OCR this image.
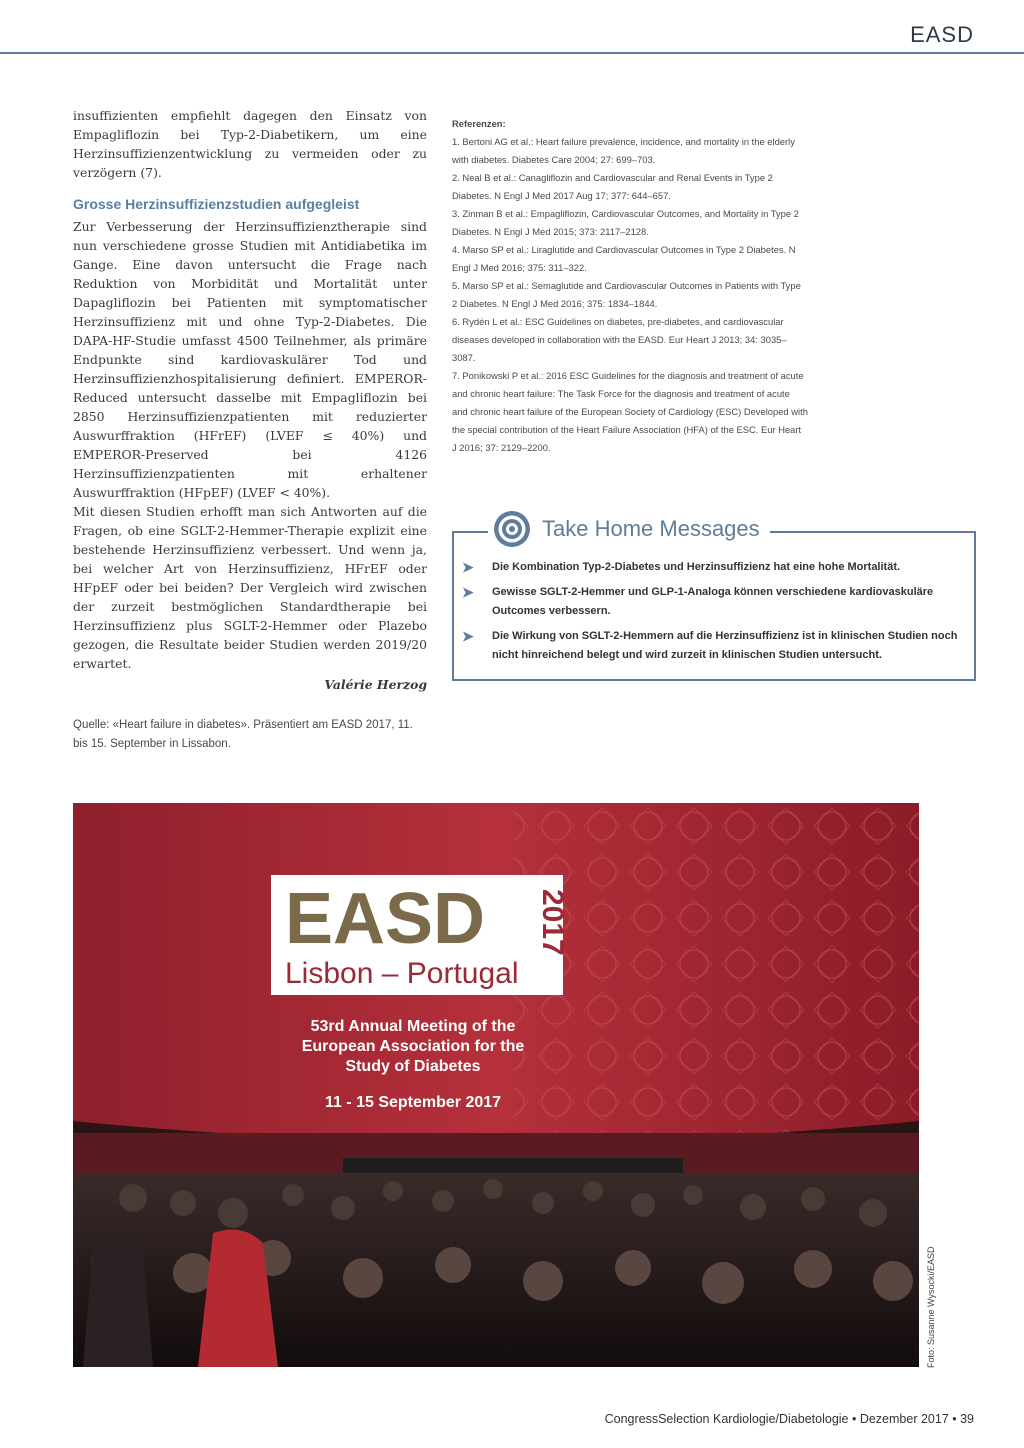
EASD

insuffizienten empfiehlt dagegen den Einsatz von Empagliflozin bei Typ-2-Diabetikern, um eine Herzinsuffizienzentwicklung zu vermeiden oder zu verzögern (7).

Grosse Herzinsuffizienzstudien aufgegleist

Zur Verbesserung der Herzinsuffizienztherapie sind nun verschiedene grosse Studien mit Antidiabetika im Gange. Eine davon untersucht die Frage nach Reduktion von Morbidität und Mortalität unter Dapagliflozin bei Patienten mit symptomatischer Herzinsuffizienz mit und ohne Typ-2-Diabetes. Die DAPA-HF-Studie umfasst 4500 Teilnehmer, als primäre Endpunkte sind kardiovaskulärer Tod und Herzinsuffizienzhospitalisierung definiert. EMPEROR-Reduced untersucht dasselbe mit Empagliflozin bei 2850 Herzinsuffizienzpatienten mit reduzierter Auswurffraktion (HFrEF) (LVEF ≤ 40%) und EMPEROR-Preserved bei 4126 Herzinsuffizienzpatienten mit erhaltener Auswurffraktion (HFpEF) (LVEF < 40%).

Mit diesen Studien erhofft man sich Antworten auf die Fragen, ob eine SGLT-2-Hemmer-Therapie explizit eine bestehende Herzinsuffizienz verbessert. Und wenn ja, bei welcher Art von Herzinsuffizienz, HFrEF oder HFpEF oder bei beiden? Der Vergleich wird zwischen der zurzeit bestmöglichen Standardtherapie bei Herzinsuffizienz plus SGLT-2-Hemmer oder Plazebo gezogen, die Resultate beider Studien werden 2019/20 erwartet.

Valérie Herzog
Quelle: «Heart failure in diabetes». Präsentiert am EASD 2017, 11. bis 15. September in Lissabon.
Referenzen:
1. Bertoni AG et al.: Heart failure prevalence, incidence, and mortality in the elderly with diabetes. Diabetes Care 2004; 27: 699–703.
2. Neal B et al.: Canagliflozin and Cardiovascular and Renal Events in Type 2 Diabetes. N Engl J Med 2017 Aug 17; 377: 644–657.
3. Zinman B et al.: Empagliflozin, Cardiovascular Outcomes, and Mortality in Type 2 Diabetes. N Engl J Med 2015; 373: 2117–2128.
4. Marso SP et al.: Liraglutide and Cardiovascular Outcomes in Type 2 Diabetes. N Engl J Med 2016; 375: 311–322.
5. Marso SP et al.: Semaglutide and Cardiovascular Outcomes in Patients with Type 2 Diabetes. N Engl J Med 2016; 375: 1834–1844.
6. Rydén L et al.: ESC Guidelines on diabetes, pre-diabetes, and cardiovascular diseases developed in collaboration with the EASD. Eur Heart J 2013; 34: 3035–3087.
7. Ponikowski P et al.: 2016 ESC Guidelines for the diagnosis and treatment of acute and chronic heart failure: The Task Force for the diagnosis and treatment of acute and chronic heart failure of the European Society of Cardiology (ESC) Developed with the special contribution of the Heart Failure Association (HFA) of the ESC. Eur Heart J 2016; 37: 2129–2200.
Take Home Messages
➤	Die Kombination Typ-2-Diabetes und Herzinsuffizienz hat eine hohe Mortalität.
➤	Gewisse SGLT-2-Hemmer und GLP-1-Analoga können verschiedene kardiovaskuläre Outcomes verbessern.
➤	Die Wirkung von SGLT-2-Hemmern auf die Herzinsuffizienz ist in klinischen Studien noch nicht hinreichend belegt und wird zurzeit in klinischen Studien untersucht.
EASD
Lisbon – Portugal
2017
53rd Annual Meeting of the
European Association for the
Study of Diabetes
11 - 15 September 2017
Foto: Susanne Wysocki/EASD
CongressSelection Kardiologie/Diabetologie • Dezember 2017 • 39
